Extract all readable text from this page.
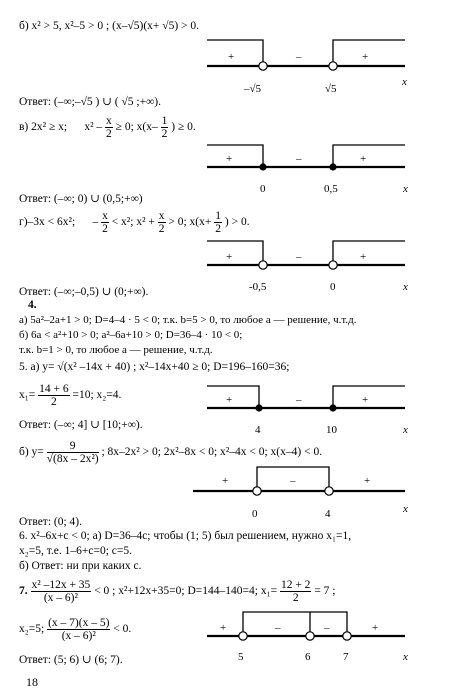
б) x² > 5, x²–5 > 0 ; (x–√5)(x+ √5) > 0.
+	–	+
–√5	√5
x
+	–	+
0	0,5	x
+	–	+
-0,5	0	x
+	–	+
4	10	x
+	–	+
0	4	x
+	–	–	+
5	6	7	x
Ответ: (–∞;–√5 ) ∪ ( √5 ;+∞).
в) 2x² ≥ x; $x^2 - \frac{x}{2} \ge 0$; $x(x- \frac{1}{2}$ ) ≥ 0.
Ответ: (–∞; 0) ∪ (0,5;+∞)
г)–3x < 6x²; – $\frac{x}{2} < x^2$; $x^2 + \frac{x}{2} > 0$; $x(x+ \frac{1}{2}$ ) > 0.
Ответ: (–∞;–0,5) ∪ (0;+∞).
4.
а) 5a²–2a+1 > 0; D=4–4 · 5 < 0; т.к. b=5 > 0, то любое a — решение, ч.т.д.
б) 6a < a²+10 > 0; a²–6a+10 > 0; D=36–4 · 10 < 0;
т.к. b=1 > 0, то любое a — решение, ч.т.д.
5. а) y= √(x² –14x + 40) ; x²–14x+40 ≥ 0; D=196–160=36;
$x_1= \frac{14 + 6}{2} =10$; x₂=4.
Ответ: (–∞; 4] ∪ [10;+∞).
б) $y= \frac{9}{\text{√(8x – 2x²)}}$ ; 8x–2x² > 0; 2x²–8x < 0; x²–4x < 0; x(x–4) < 0.
Ответ: (0; 4).
6. x²–6x+c < 0; а) D=36–4c; чтобы (1; 5) был решением, нужно x₁=1,
x₂=5, т.е. 1–6+c=0; c=5.
б) Ответ: ни при каких c.
7. $\frac{\text{x² –12x + 35}}{\text{(x – 6)²}} < 0$ ; x²+12x+35=0; D=144–140=4; $x_1= \frac{12 + 2}{2} = 7$ ;
x₂=5; $\frac{(x - 7)(x - 5)}{\text{(x – 6)²}} < 0$.
Ответ: (5; 6) ∪ (6; 7).
18
